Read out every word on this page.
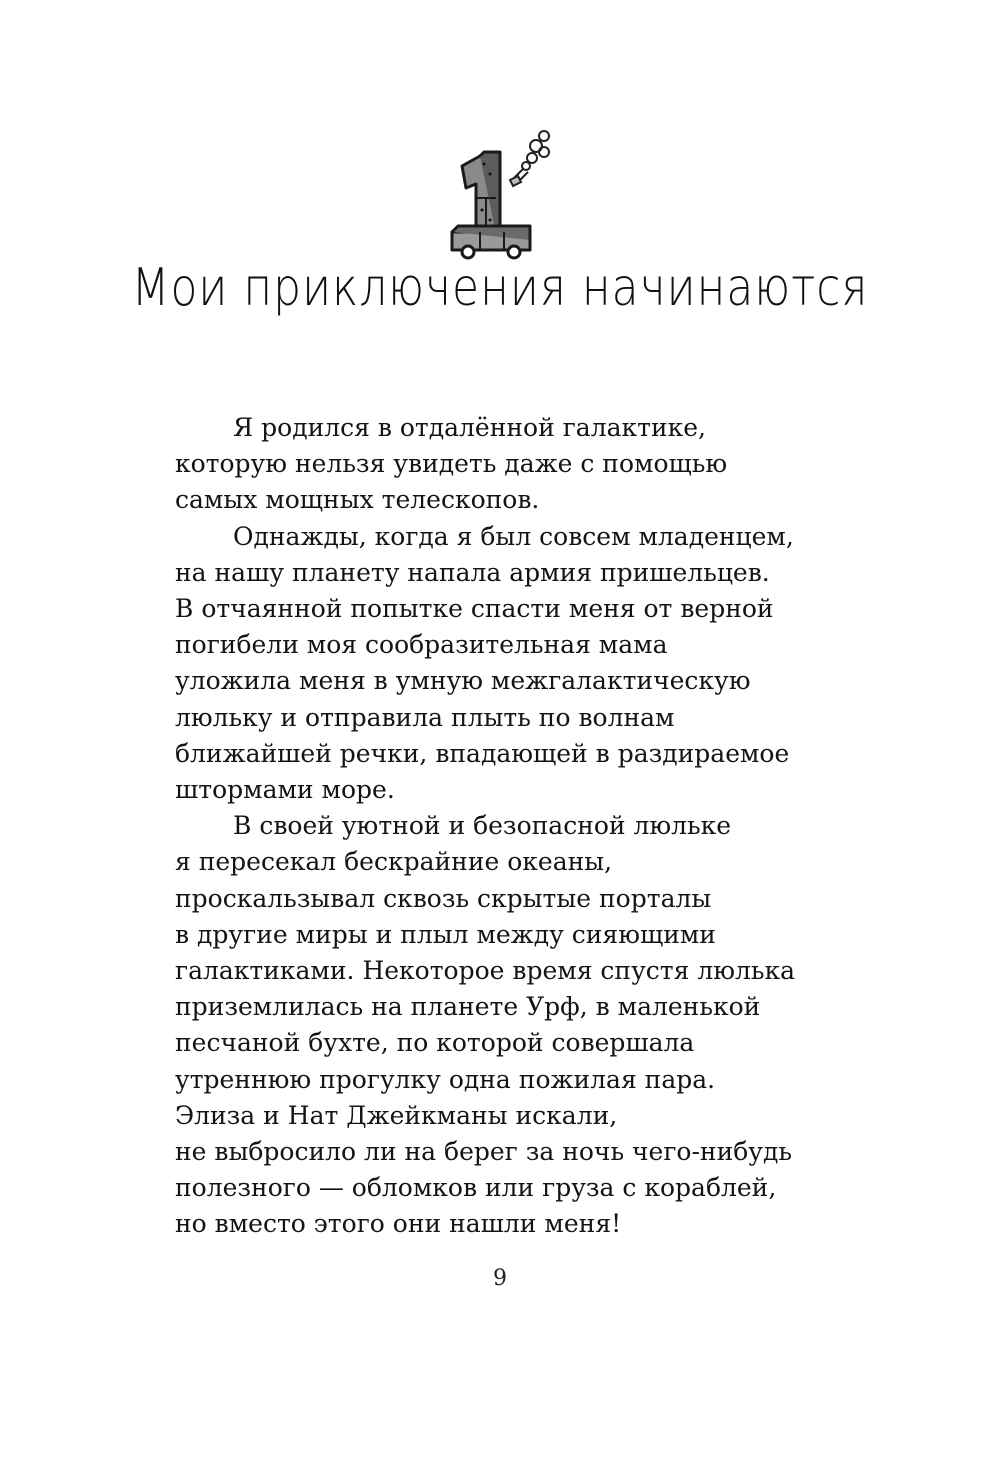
Мои приключения начинаются

Я родился в отдалённой галактике,
которую нельзя увидеть даже с помощью
самых мощных телескопов.

Однажды, когда я был совсем младенцем,
на нашу планету напала армия пришельцев.
В отчаянной попытке спасти меня от верной
погибели моя сообразительная мама
уложила меня в умную межгалактическую
люльку и отправила плыть по волнам
ближайшей речки, впадающей в раздираемое
штормами море.

В своей уютной и безопасной люльке
я пересекал бескрайние океаны,
проскальзывал сквозь скрытые порталы
в другие миры и плыл между сияющими
галактиками. Некоторое время спустя люлька
приземлилась на планете Урф, в маленькой
песчаной бухте, по которой совершала
утреннюю прогулку одна пожилая пара.
Элиза и Нат Джейкманы искали,
не выбросило ли на берег за ночь чего-нибудь
полезного — обломков или груза с кораблей,
но вместо этого они нашли меня!

9
